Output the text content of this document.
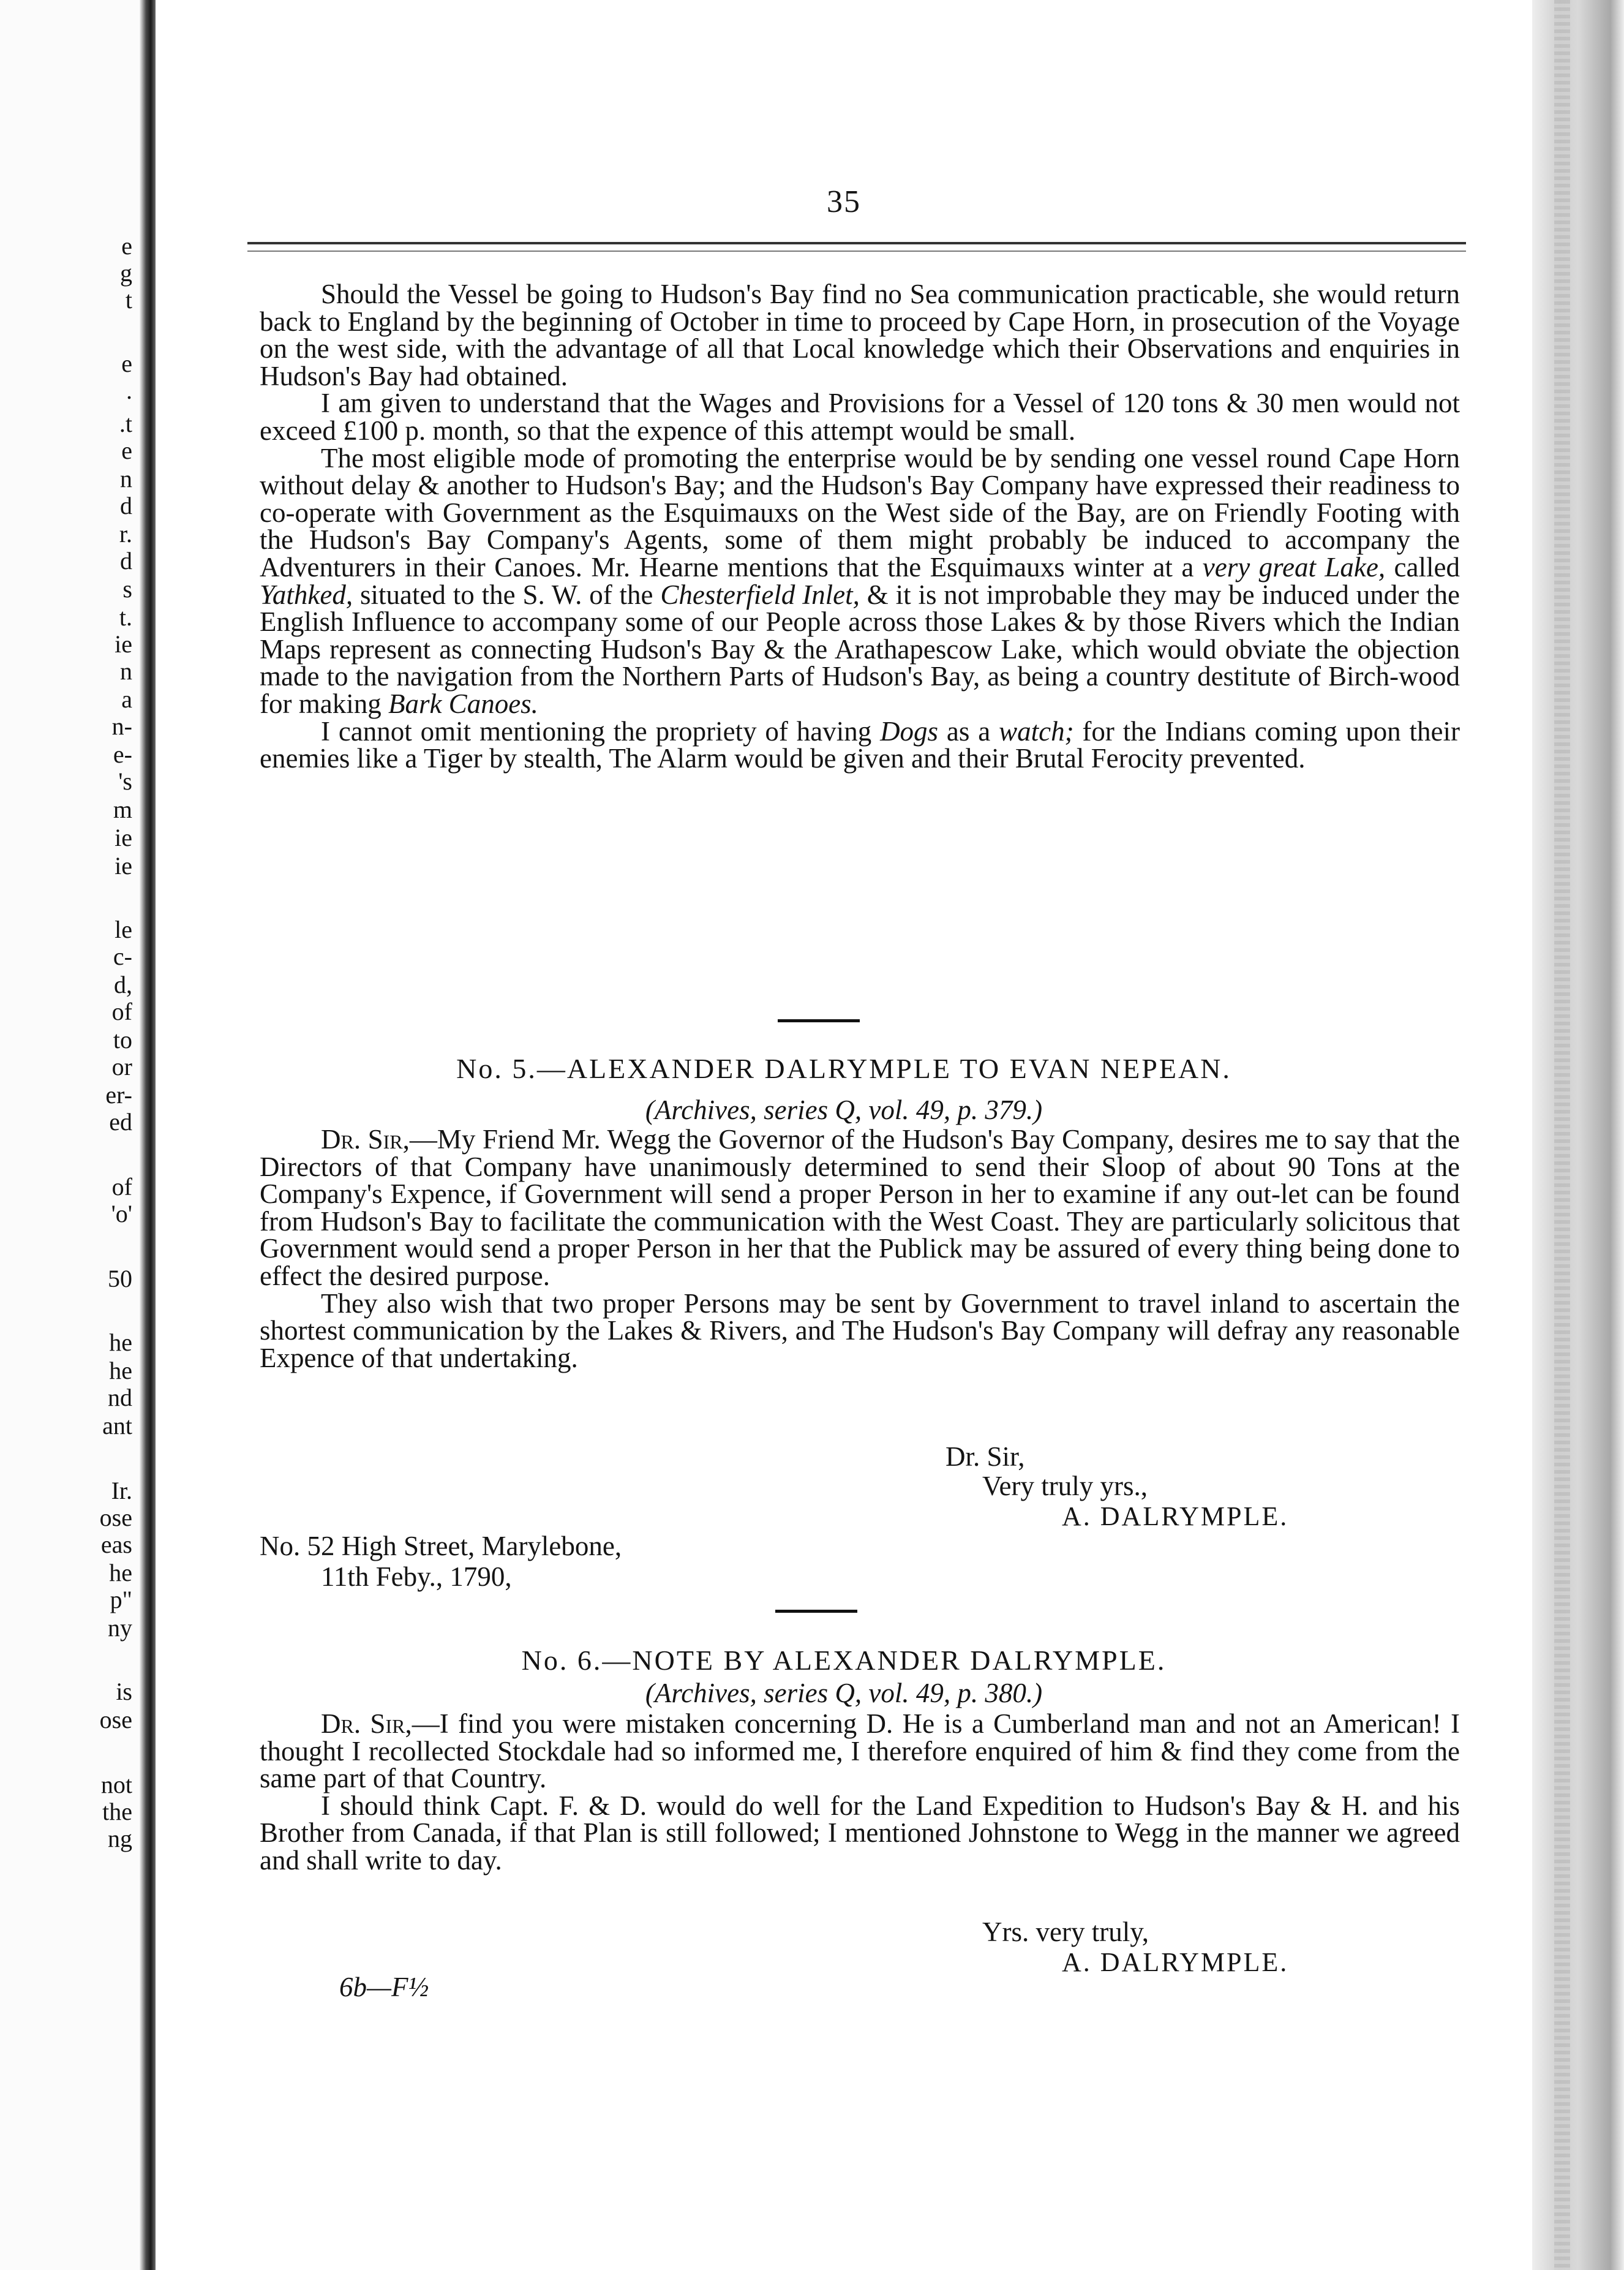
e
g
t
e
.
.t
e
n
d
r.
d
s
t.
ie
n
a
n-
e-
's
m
ie
ie
le
c-
d,
of
to
or
er-
ed
of
'o'
50
he
he
nd
ant
Ir.
ose
eas
he
p"
ny
is
ose
not
the
ng
35

Should the Vessel be going to Hudson's Bay find no Sea communication practicable, she would return back to England by the beginning of October in time to proceed by Cape Horn, in prosecution of the Voyage on the west side, with the advantage of all that Local knowledge which their Observations and enquiries in Hudson's Bay had obtained.

I am given to understand that the Wages and Provisions for a Vessel of 120 tons & 30 men would not exceed £100 p. month, so that the expence of this attempt would be small.

The most eligible mode of promoting the enterprise would be by sending one vessel round Cape Horn without delay & another to Hudson's Bay; and the Hudson's Bay Company have expressed their readiness to co-operate with Government as the Esquimauxs on the West side of the Bay, are on Friendly Footing with the Hudson's Bay Company's Agents, some of them might probably be induced to accompany the Adventurers in their Canoes. Mr. Hearne mentions that the Esquimauxs winter at a very great Lake, called Yathked, situated to the S. W. of the Chesterfield Inlet, & it is not improbable they may be induced under the English Influence to accompany some of our People across those Lakes & by those Rivers which the Indian Maps represent as connecting Hudson's Bay & the Arathapescow Lake, which would obviate the objection made to the navigation from the Northern Parts of Hudson's Bay, as being a country destitute of Birch-wood for making Bark Canoes.

I cannot omit mentioning the propriety of having Dogs as a watch; for the Indians coming upon their enemies like a Tiger by stealth, The Alarm would be given and their Brutal Ferocity prevented.

No. 5.—ALEXANDER DALRYMPLE TO EVAN NEPEAN.
(Archives, series Q, vol. 49, p. 379.)

Dr. Sir,—My Friend Mr. Wegg the Governor of the Hudson's Bay Company, desires me to say that the Directors of that Company have unanimously determined to send their Sloop of about 90 Tons at the Company's Expence, if Government will send a proper Person in her to examine if any out-let can be found from Hudson's Bay to facilitate the communication with the West Coast. They are particularly solicitous that Government would send a proper Person in her that the Publick may be assured of every thing being done to effect the desired purpose.

They also wish that two proper Persons may be sent by Government to travel inland to ascertain the shortest communication by the Lakes & Rivers, and The Hudson's Bay Company will defray any reasonable Expence of that undertaking.

Dr. Sir,
Very truly yrs.,
A. DALRYMPLE.
No. 52 High Street, Marylebone,
11th Feby., 1790,
No. 6.—NOTE BY ALEXANDER DALRYMPLE.
(Archives, series Q, vol. 49, p. 380.)

Dr. Sir,—I find you were mistaken concerning D. He is a Cumberland man and not an American! I thought I recollected Stockdale had so informed me, I therefore enquired of him & find they come from the same part of that Country.

I should think Capt. F. & D. would do well for the Land Expedition to Hudson's Bay & H. and his Brother from Canada, if that Plan is still followed; I mentioned Johnstone to Wegg in the manner we agreed and shall write to day.

Yrs. very truly,
A. DALRYMPLE.
6b—F½
